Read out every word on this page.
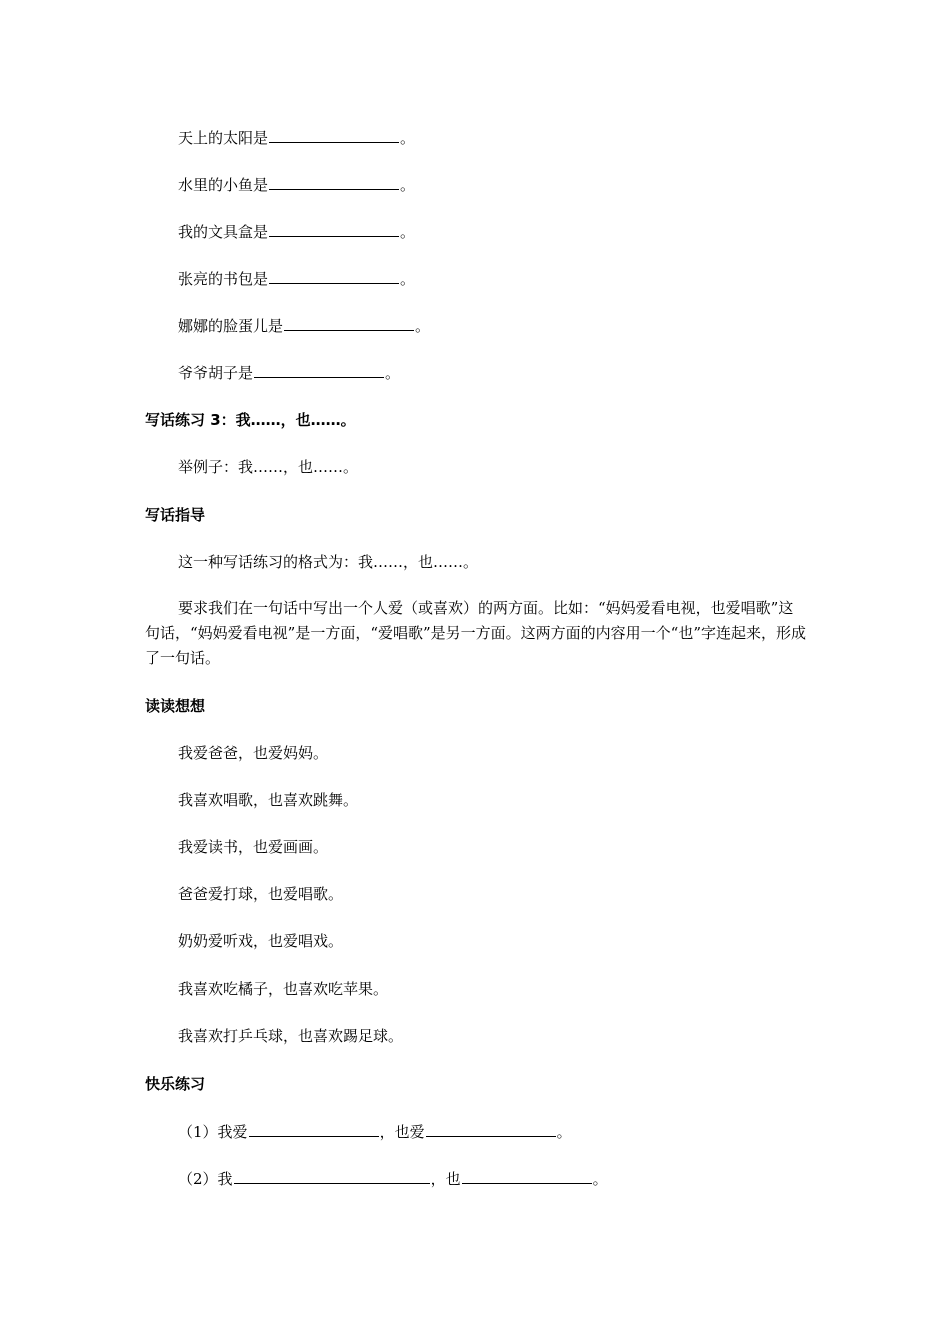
天上的太阳是	。
水里的小鱼是	。
我的文具盒是	。
张亮的书包是	。
娜娜的脸蛋儿是	。
爷爷胡子是	。
写话练习 3：我……，也……。
举例子：我……，也……。
写话指导
这一种写话练习的格式为：我……，也……。
要求我们在一句话中写出一个人爱（或喜欢）的两方面。比如：“妈妈爱看电视，也爱唱歌”这句话，“妈妈爱看电视”是一方面，“爱唱歌”是另一方面。这两方面的内容用一个“也”字连起来，形成了一句话。
读读想想
我爱爸爸，也爱妈妈。
我喜欢唱歌，也喜欢跳舞。
我爱读书，也爱画画。
爸爸爱打球，也爱唱歌。
奶奶爱听戏，也爱唱戏。
我喜欢吃橘子，也喜欢吃苹果。
我喜欢打乒乓球，也喜欢踢足球。
快乐练习
（1）我爱	，也爱	。
（2）我	，也	。
